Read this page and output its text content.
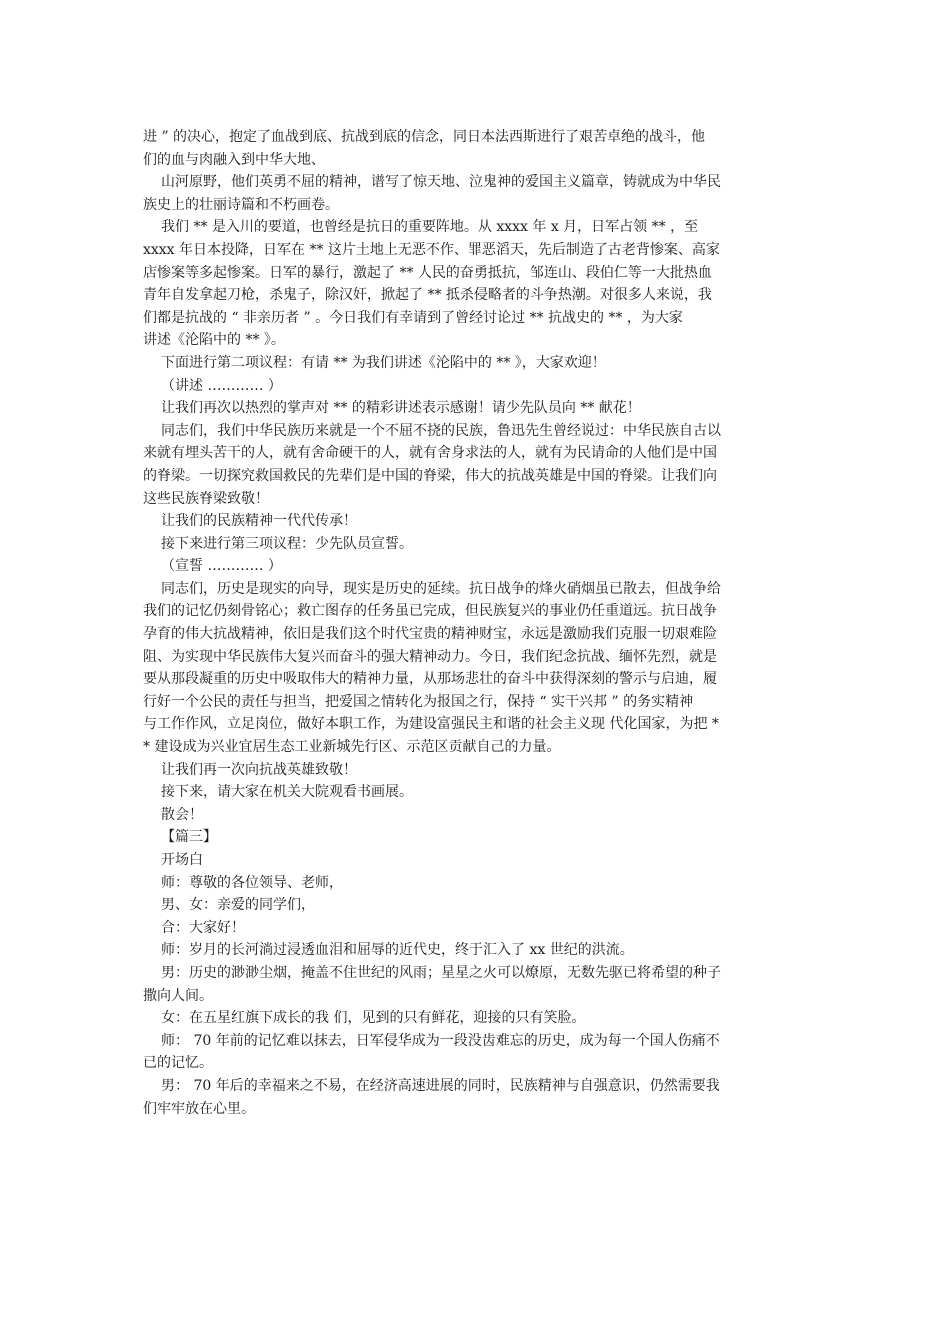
进 ” 的决心，抱定了血战到底、抗战到底的信念，同日本法西斯进行了艰苦卓绝的战斗，他
们的血与肉融入到中华大地、
山河原野，他们英勇不屈的精神，谱写了惊天地、泣鬼神的爱国主义篇章，铸就成为中华民
族史上的壮丽诗篇和不朽画卷。
我们 ** 是入川的要道，也曾经是抗日的重要阵地。从 xxxx 年 x 月，日军占领 ** ，至
xxxx 年日本投降，日军在 ** 这片土地上无恶不作、罪恶滔天，先后制造了古老背惨案、高家
店惨案等多起惨案。日军的暴行，激起了 ** 人民的奋勇抵抗，邹连山、段伯仁等一大批热血
青年自发拿起刀枪，杀鬼子，除汉奸，掀起了 ** 抵杀侵略者的斗争热潮。对很多人来说，我
们都是抗战的 “ 非亲历者 ” 。今日我们有幸请到了曾经讨论过 ** 抗战史的 ** ，为大家
讲述《沦陷中的 ** 》。
下面进行第二项议程：有请 ** 为我们讲述《沦陷中的 ** 》，大家欢迎！
（讲述 ………… ）
让我们再次以热烈的掌声对 ** 的精彩讲述表示感谢！请少先队员向 ** 献花！
同志们，我们中华民族历来就是一个不屈不挠的民族，鲁迅先生曾经说过：中华民族自古以
来就有埋头苦干的人，就有舍命硬干的人，就有舍身求法的人，就有为民请命的人他们是中国
的脊梁。一切探究救国救民的先辈们是中国的脊梁，伟大的抗战英雄是中国的脊梁。让我们向
这些民族脊梁致敬！
让我们的民族精神一代代传承！
接下来进行第三项议程：少先队员宣誓。
（宣誓 ………… ）
同志们，历史是现实的向导，现实是历史的延续。抗日战争的烽火硝烟虽已散去，但战争给
我们的记忆仍刻骨铭心；救亡图存的任务虽已完成，但民族复兴的事业仍任重道远。抗日战争
孕育的伟大抗战精神，依旧是我们这个时代宝贵的精神财宝，永远是激励我们克服一切艰难险
阻、为实现中华民族伟大复兴而奋斗的强大精神动力。今日，我们纪念抗战、缅怀先烈，就是
要从那段凝重的历史中吸取伟大的精神力量，从那场悲壮的奋斗中获得深刻的警示与启迪，履
行好一个公民的责任与担当，把爱国之情转化为报国之行，保持 “ 实干兴邦 ” 的务实精神
与工作作风，立足岗位，做好本职工作，为建设富强民主和谐的社会主义现 代化国家，为把 *
* 建设成为兴业宜居生态工业新城先行区、示范区贡献自己的力量。
让我们再一次向抗战英雄致敬！
接下来，请大家在机关大院观看书画展。
散会！
【篇三】
开场白
师：尊敬的各位领导、老师，
男、女：亲爱的同学们，
合：大家好！
师：岁月的长河淌过浸透血泪和屈辱的近代史，终于汇入了 xx 世纪的洪流。
男：历史的渺渺尘烟，掩盖不住世纪的风雨；星星之火可以燎原，无数先驱已将希望的种子
撒向人间。
女：在五星红旗下成长的我 们，见到的只有鲜花，迎接的只有笑脸。
师： 70 年前的记忆难以抹去，日军侵华成为一段没齿难忘的历史，成为每一个国人伤痛不
已的记忆。
男： 70 年后的幸福来之不易，在经济高速进展的同时，民族精神与自强意识，仍然需要我
们牢牢放在心里。
